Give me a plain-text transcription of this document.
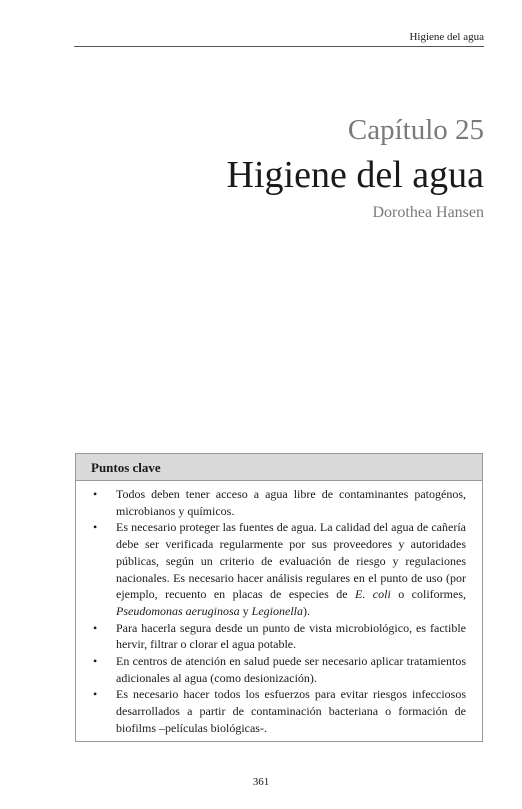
Higiene del agua
Capítulo 25
Higiene del agua
Dorothea Hansen
Puntos clave
• Todos deben tener acceso a agua libre de contaminantes patogénos, microbianos y químicos.
• Es necesario proteger las fuentes de agua. La calidad del agua de cañería debe ser verificada regularmente por sus proveedores y autoridades públicas, según un criterio de evaluación de riesgo y regulaciones nacionales. Es necesario hacer análisis regulares en el punto de uso (por ejemplo, recuento en placas de especies de E. coli o coliformes, Pseudomonas aeruginosa y Legionella).
• Para hacerla segura desde un punto de vista microbiológico, es factible hervir, filtrar o clorar el agua potable.
• En centros de atención en salud puede ser necesario aplicar tratamientos adicionales al agua (como desionización).
• Es necesario hacer todos los esfuerzos para evitar riesgos infecciosos desarrollados a partir de contaminación bacteriana o formación de biofilms –películas biológicas-.
361
